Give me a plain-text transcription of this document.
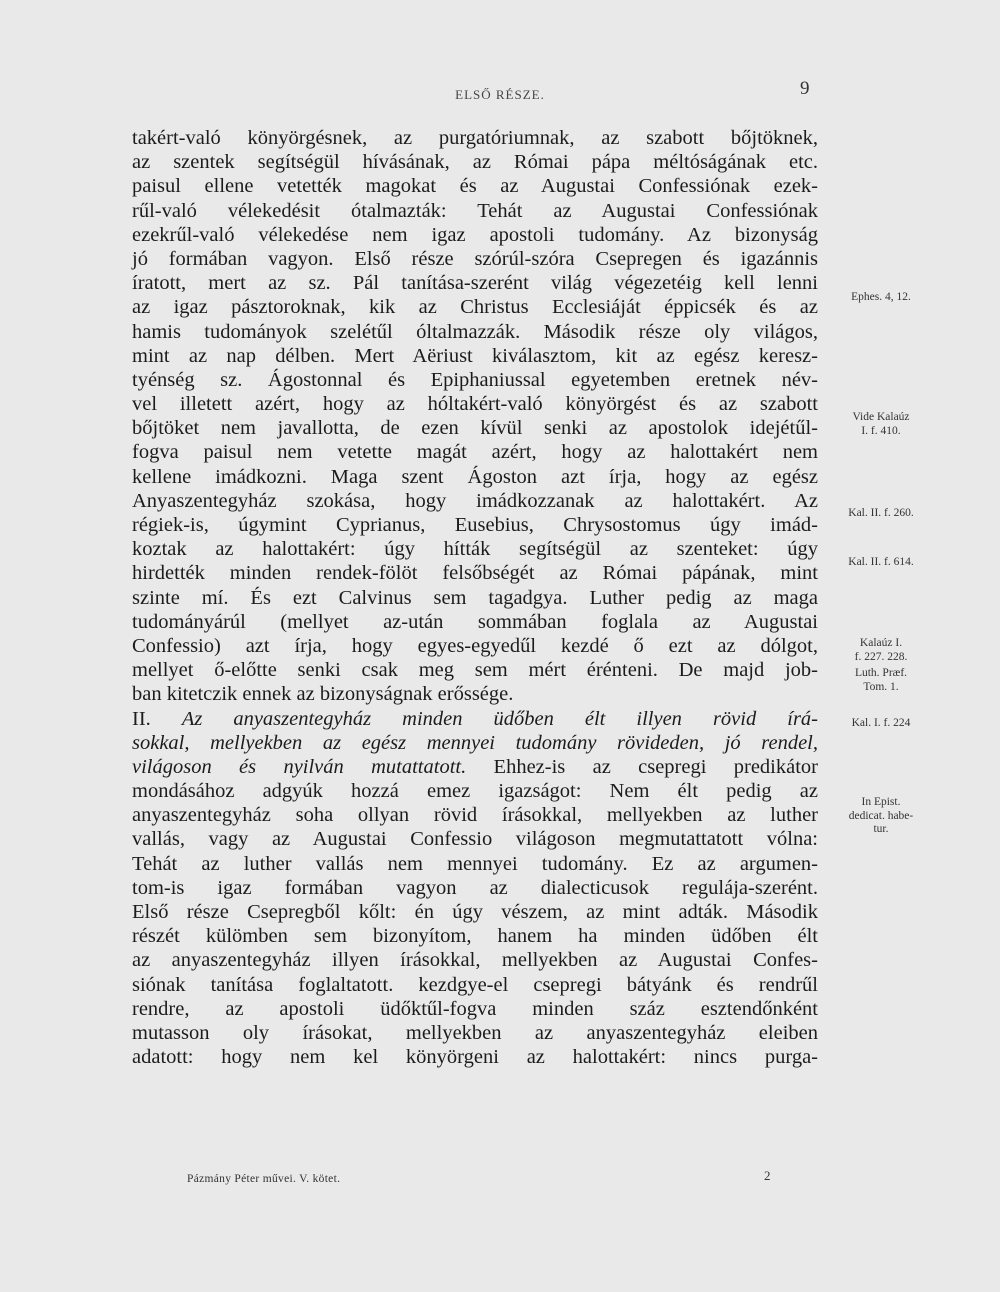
ELSŐ RÉSZE.	9
takért-való könyörgésnek, az purgatóriumnak, az szabott bőjtöknek,
az szentek segítségül hívásának, az Római pápa méltóságának etc.
paisul ellene vetették magokat és az Augustai Confessiónak ezek-
rűl-való vélekedésit ótalmazták: Tehát az Augustai Confessiónak
ezekrűl-való vélekedése nem igaz apostoli tudomány. Az bizonyság
jó formában vagyon. Első része szórúl-szóra Csepregen és igazánnis
íratott, mert az sz. Pál tanítása-szerént világ végezetéig kell lenni
az igaz pásztoroknak, kik az Christus Ecclesiáját éppicsék és az
hamis tudományok szelétűl óltalmazzák. Második része oly világos,
mint az nap délben. Mert Aëriust kiválasztom, kit az egész keresz-
tyénség sz. Ágostonnal és Epiphaniussal egyetemben eretnek név-
vel illetett azért, hogy az hóltakért-való könyörgést és az szabott
bőjtöket nem javallotta, de ezen kívül senki az apostolok idejétűl-
fogva paisul nem vetette magát azért, hogy az halottakért nem
kellene imádkozni. Maga szent Ágoston azt írja, hogy az egész
Anyaszentegyház szokása, hogy imádkozzanak az halottakért. Az
régiek-is, úgymint Cyprianus, Eusebius, Chrysostomus úgy imád-
koztak az halottakért: úgy hítták segítségül az szenteket: úgy
hirdették minden rendek-fölöt felsőbségét az Római pápának, mint
szinte mí. És ezt Calvinus sem tagadgya. Luther pedig az maga
tudományárúl (mellyet az-után sommában foglala az Augustai
Confessio) azt írja, hogy egyes-egyedűl kezdé ő ezt az dólgot,
mellyet ő-előtte senki csak meg sem mért érénteni. De majd job-
ban kitetczik ennek az bizonyságnak erőssége.
II. Az anyaszentegyház minden üdőben élt illyen rövid írá-
sokkal, mellyekben az egész mennyei tudomány rövideden, jó rendel,
világoson és nyilván mutattatott. Ehhez-is az csepregi predikátor
mondásához adgyúk hozzá emez igazságot: Nem élt pedig az
anyaszentegyház soha ollyan rövid írásokkal, mellyekben az luther
vallás, vagy az Augustai Confessio világoson megmutattatott vólna:
Tehát az luther vallás nem mennyei tudomány. Ez az argumen-
tom-is igaz formában vagyon az dialecticusok regulája-szerént.
Első része Csepregből kőlt: én úgy vészem, az mint adták. Második
részét külömben sem bizonyítom, hanem ha minden üdőben élt
az anyaszentegyház illyen írásokkal, mellyekben az Augustai Confes-
siónak tanítása foglaltatott. kezdgye-el csepregi bátyánk és rendrűl
rendre, az apostoli üdőktűl-fogva minden száz esztendőnként
mutasson oly írásokat, mellyekben az anyaszentegyház eleiben
adatott: hogy nem kel könyörgeni az halottakért: nincs purga-
Ephes. 4, 12.
Vide Kalaúz
I. f. 410.
Kal. II. f. 260.
Kal. II. f. 614.
Kalaúz I.
f. 227. 228.
Luth. Præf.
Tom. 1.
Kal. I. f. 224
In Epist.
dedicat. habe-
tur.
Pázmány Péter művei. V. kötet.	2
